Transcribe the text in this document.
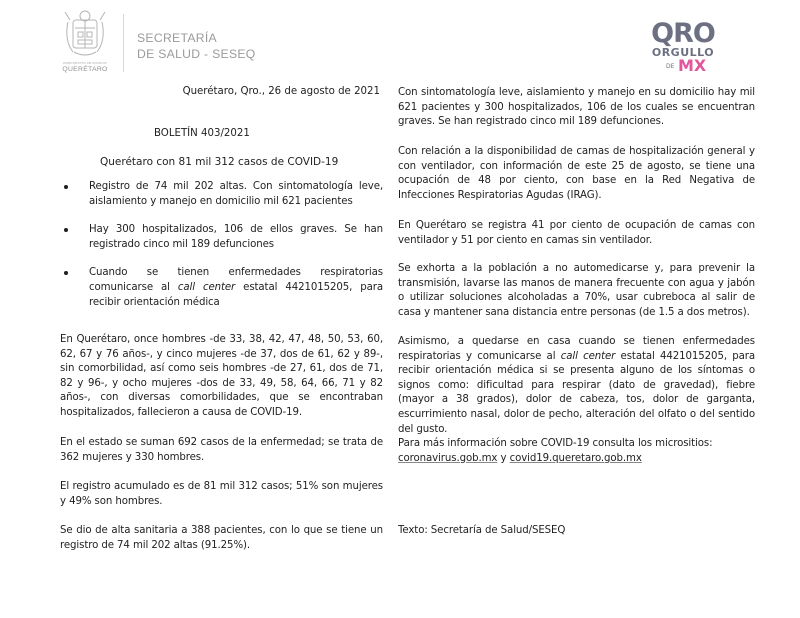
PODER EJECUTIVO DEL ESTADO DE
QUERÉTARO
SECRETARÍA
DE SALUD - SESEQ
QRO
ORGULLO
DE MX
Querétaro, Qro., 26 de agosto de 2021
BOLETÍN 403/2021
Querétaro con 81 mil 312 casos de COVID-19

Registro de 74 mil 202 altas. Con sintomatología leve, aislamiento y manejo en domicilio mil 621 pacientes

Hay 300 hospitalizados, 106 de ellos graves. Se han registrado cinco mil 189 defunciones

Cuando se tienen enfermedades respiratorias comunicarse al call center estatal 4421015205, para recibir orientación médica

En Querétaro, once hombres -de 33, 38, 42, 47, 48, 50, 53, 60, 62, 67 y 76 años-, y cinco mujeres -de 37, dos de 61, 62 y 89-, sin comorbilidad, así como seis hombres -de 27, 61, dos de 71, 82 y 96-, y ocho mujeres -dos de 33, 49, 58, 64, 66, 71 y 82 años-, con diversas comorbilidades, que se encontraban hospitalizados, fallecieron a causa de COVID-19.

En el estado se suman 692 casos de la enfermedad; se trata de 362 mujeres y 330 hombres.

El registro acumulado es de 81 mil 312 casos; 51% son mujeres y 49% son hombres.

Se dio de alta sanitaria a 388 pacientes, con lo que se tiene un registro de 74 mil 202 altas (91.25%).

Con sintomatología leve, aislamiento y manejo en su domicilio hay mil 621 pacientes y 300 hospitalizados, 106 de los cuales se encuentran graves. Se han registrado cinco mil 189 defunciones.

Con relación a la disponibilidad de camas de hospitalización general y con ventilador, con información de este 25 de agosto, se tiene una ocupación de 48 por ciento, con base en la Red Negativa de Infecciones Respiratorias Agudas (IRAG).

En Querétaro se registra 41 por ciento de ocupación de camas con ventilador y 51 por ciento en camas sin ventilador.

Se exhorta a la población a no automedicarse y, para prevenir la transmisión, lavarse las manos de manera frecuente con agua y jabón o utilizar soluciones alcoholadas a 70%, usar cubreboca al salir de casa y mantener sana distancia entre personas (de 1.5 a dos metros).

Asimismo, a quedarse en casa cuando se tienen enfermedades respiratorias y comunicarse al call center estatal 4421015205, para recibir orientación médica si se presenta alguno de los síntomas o signos como: dificultad para respirar (dato de gravedad), fiebre (mayor a 38 grados), dolor de cabeza, tos, dolor de garganta, escurrimiento nasal, dolor de pecho, alteración del olfato o del sentido del gusto.

Para más información sobre COVID-19 consulta los micrositios:
coronavirus.gob.mx y covid19.queretaro.gob.mx

Texto: Secretaría de Salud/SESEQ
